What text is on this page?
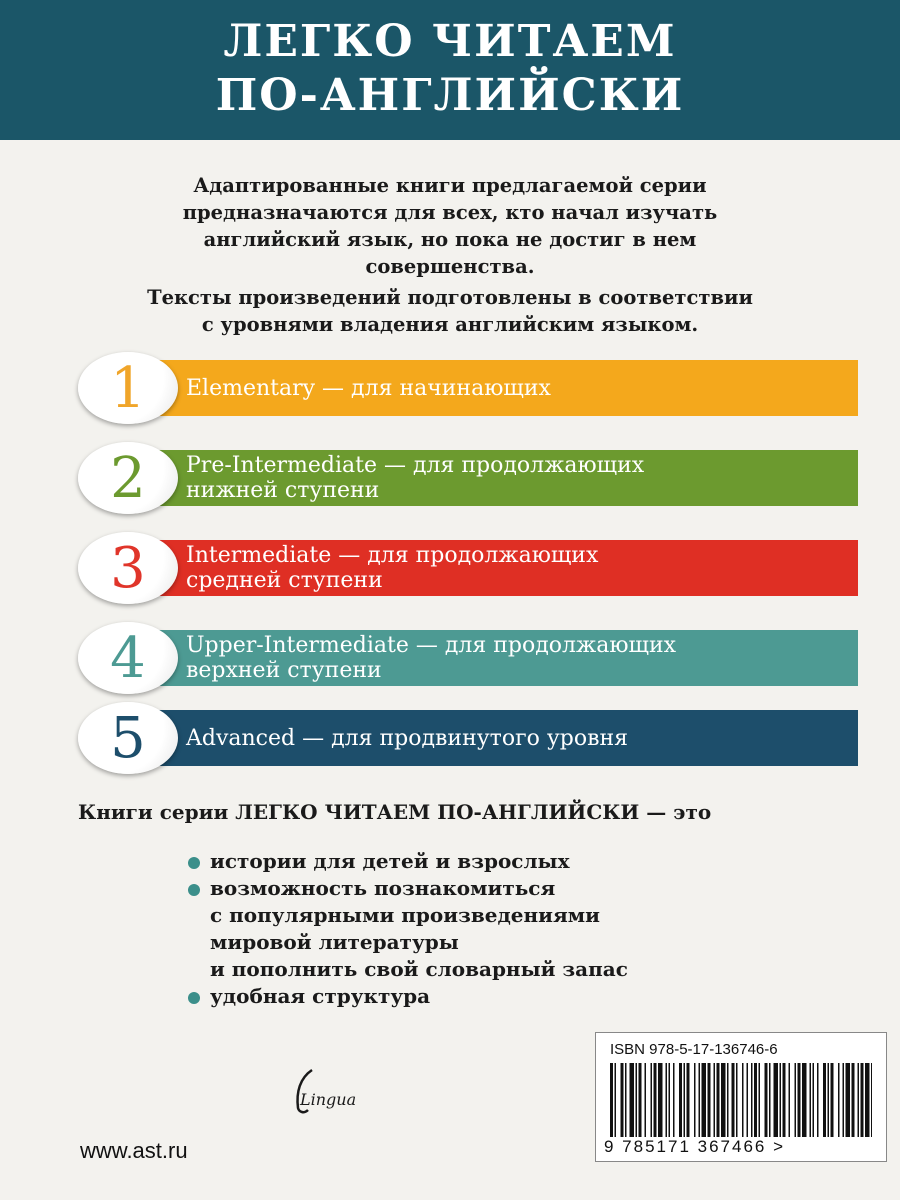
ЛЕГКО ЧИТАЕМ
ПО-АНГЛИЙСКИ

Адаптированные книги предлагаемой серии

предназначаются для всех, кто начал изучать

английский язык, но пока не достиг в нем

совершенства.

Тексты произведений подготовлены в соответствии

с уровнями владения английским языком.

1	Elementary — для начинающих
2	Pre-Intermediate — для продолжающих
нижней ступени
3	Intermediate — для продолжающих
средней ступени
4	Upper-Intermediate — для продолжающих
верхней ступени
5	Advanced — для продвинутого уровня
Книги серии ЛЕГКО ЧИТАЕМ ПО-АНГЛИЙСКИ — это
истории для детей и взрослых
возможность познакомиться
с популярными произведениями
мировой литературы
и пополнить свой словарный запас
удобная структура
Lingua
www.ast.ru
ISBN 978-5-17-136746-6
9 785171 367466 >
